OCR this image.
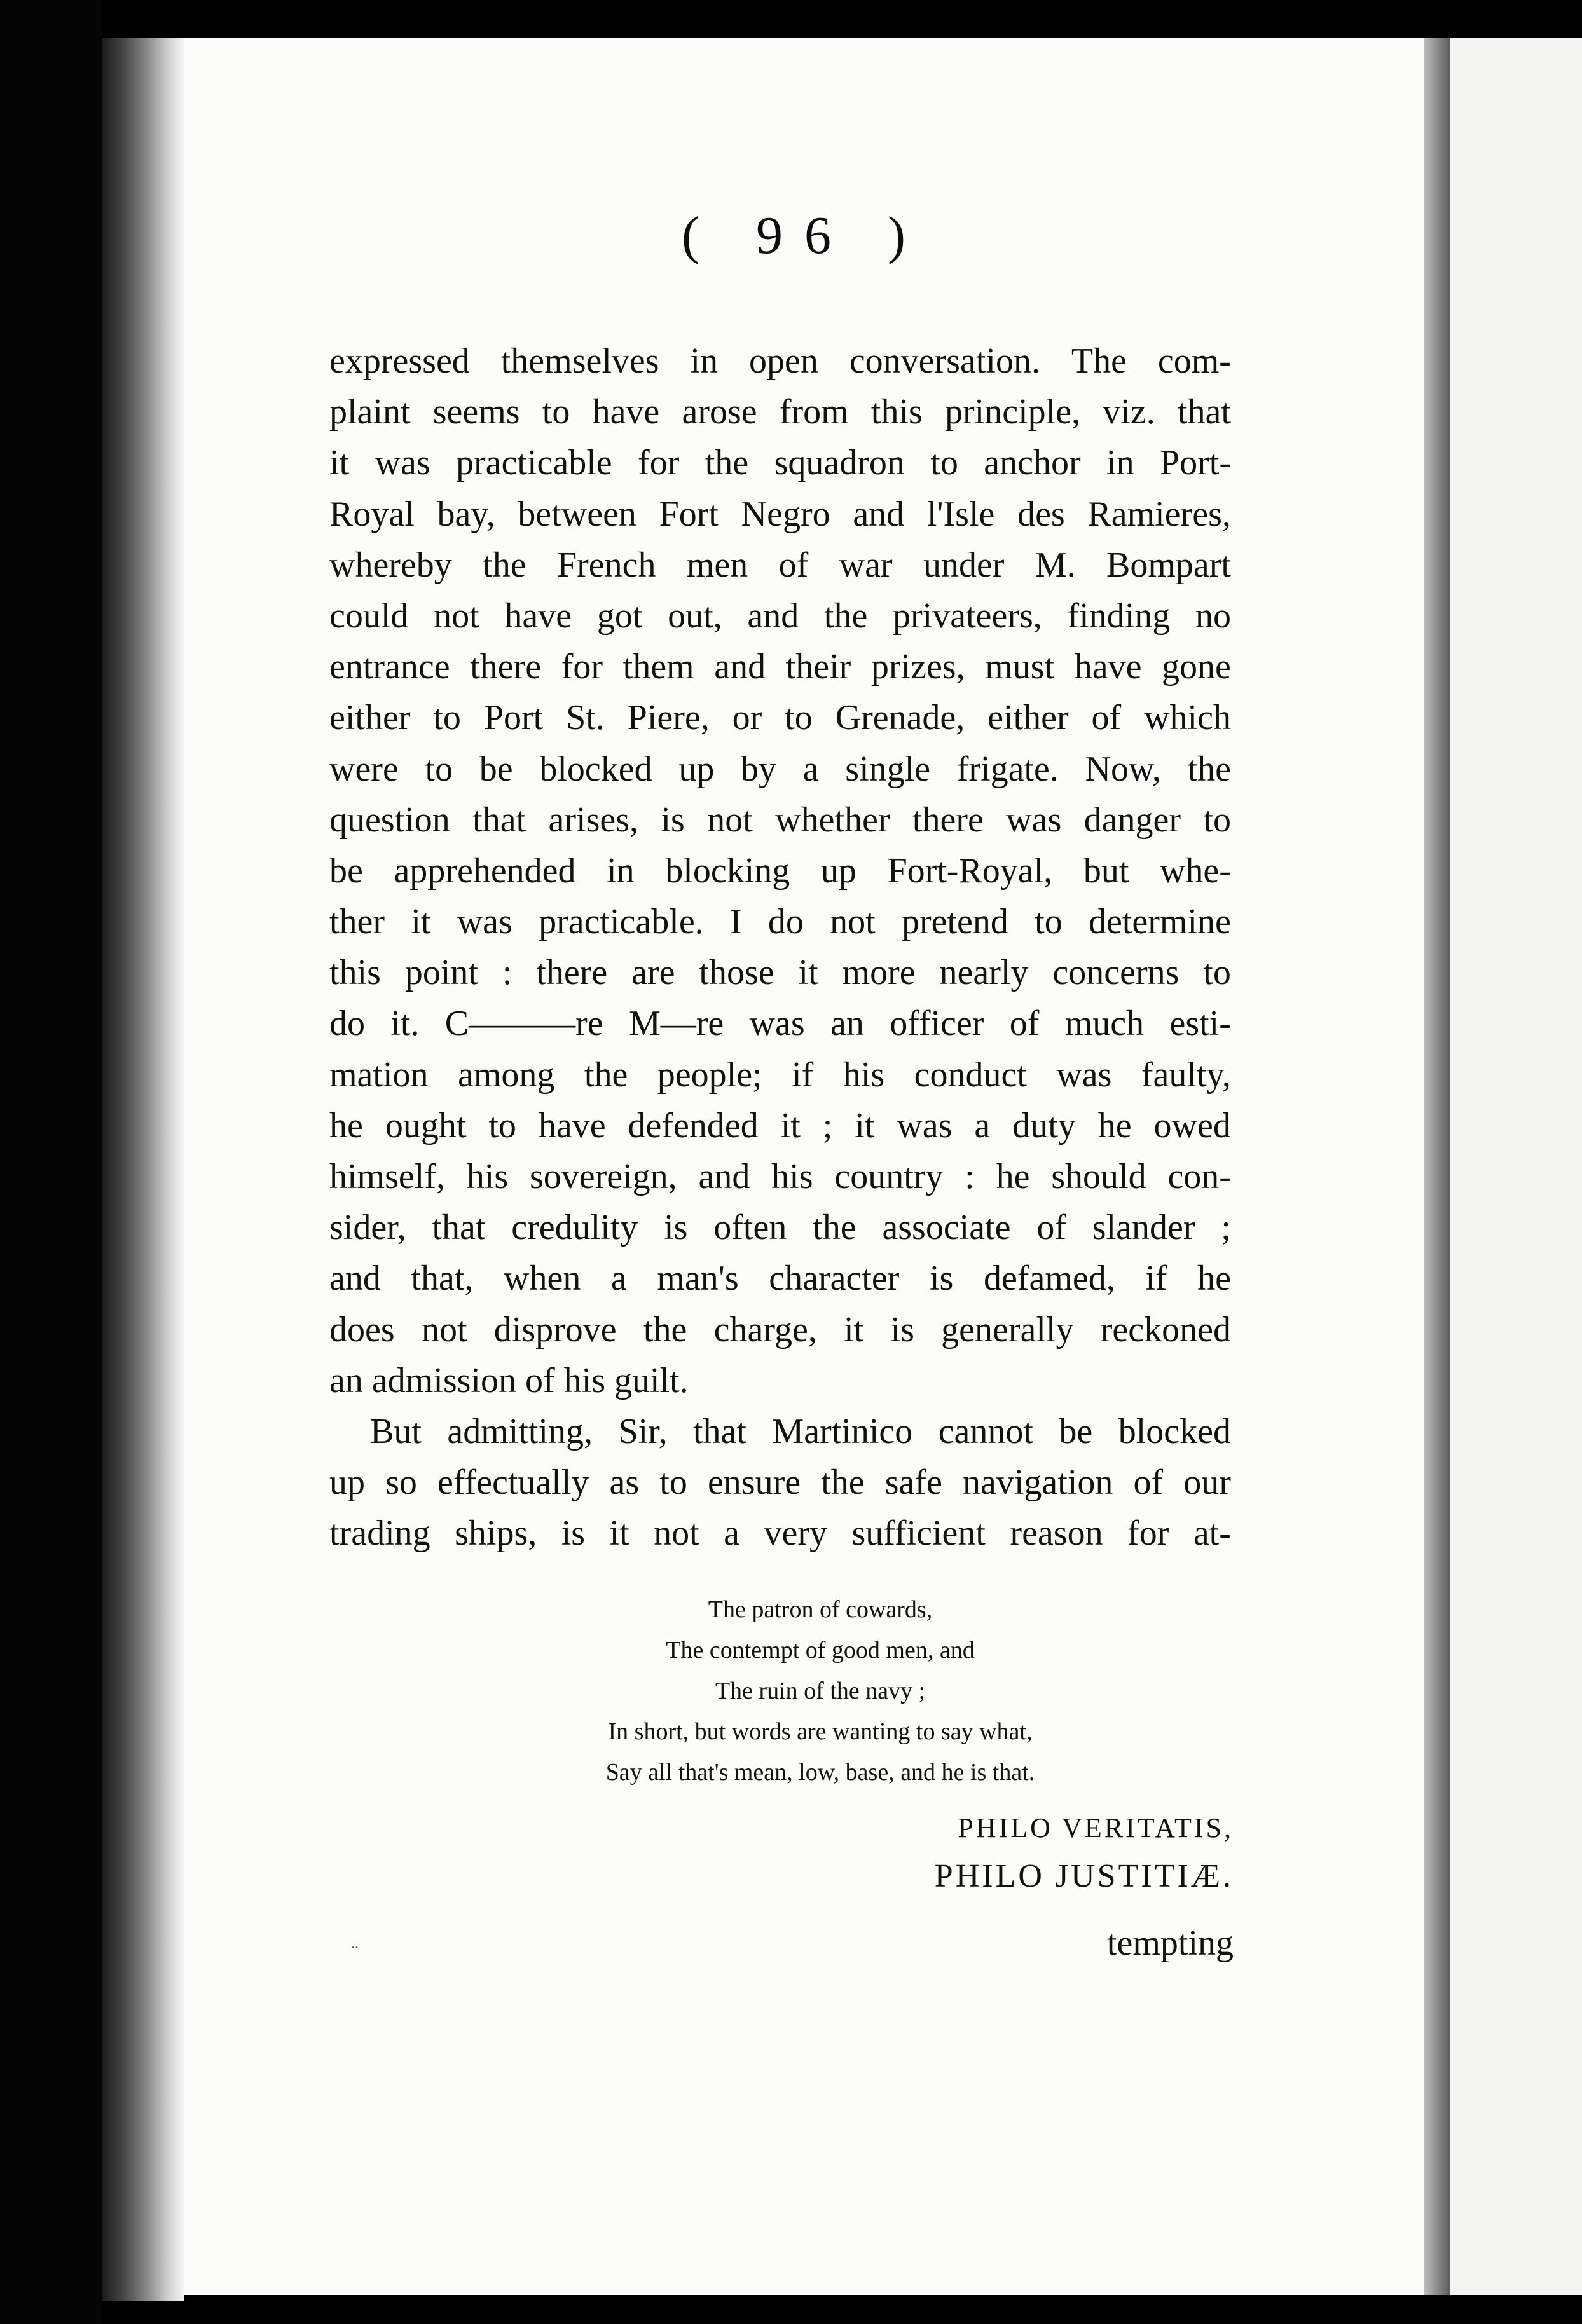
( 96 )
expressed themselves in open conversation. The com-
plaint seems to have arose from this principle, viz. that
it was practicable for the squadron to anchor in Port-
Royal bay, between Fort Negro and l'Isle des Ramieres,
whereby the French men of war under M. Bompart
could not have got out, and the privateers, finding no
entrance there for them and their prizes, must have gone
either to Port St. Piere, or to Grenade, either of which
were to be blocked up by a single frigate. Now, the
question that arises, is not whether there was danger to
be apprehended in blocking up Fort-Royal, but whe-
ther it was practicable. I do not pretend to determine
this point : there are those it more nearly concerns to
do it. C———re M—re was an officer of much esti-
mation among the people; if his conduct was faulty,
he ought to have defended it ; it was a duty he owed
himself, his sovereign, and his country : he should con-
sider, that credulity is often the associate of slander ;
and that, when a man's character is defamed, if he
does not disprove the charge, it is generally reckoned
an
admission
of
his
guilt.
But admitting, Sir, that Martinico cannot be blocked
up so effectually as to ensure the safe navigation of our
trading ships, is it not a very sufficient reason for at-
The patron of cowards,
The contempt of good men, and
The ruin of the navy ;
In short, but words are wanting to say what,
Say all that's mean, low, base, and he is that.
PHILO VERITATIS,
PHILO JUSTITIÆ.
..	tempting
